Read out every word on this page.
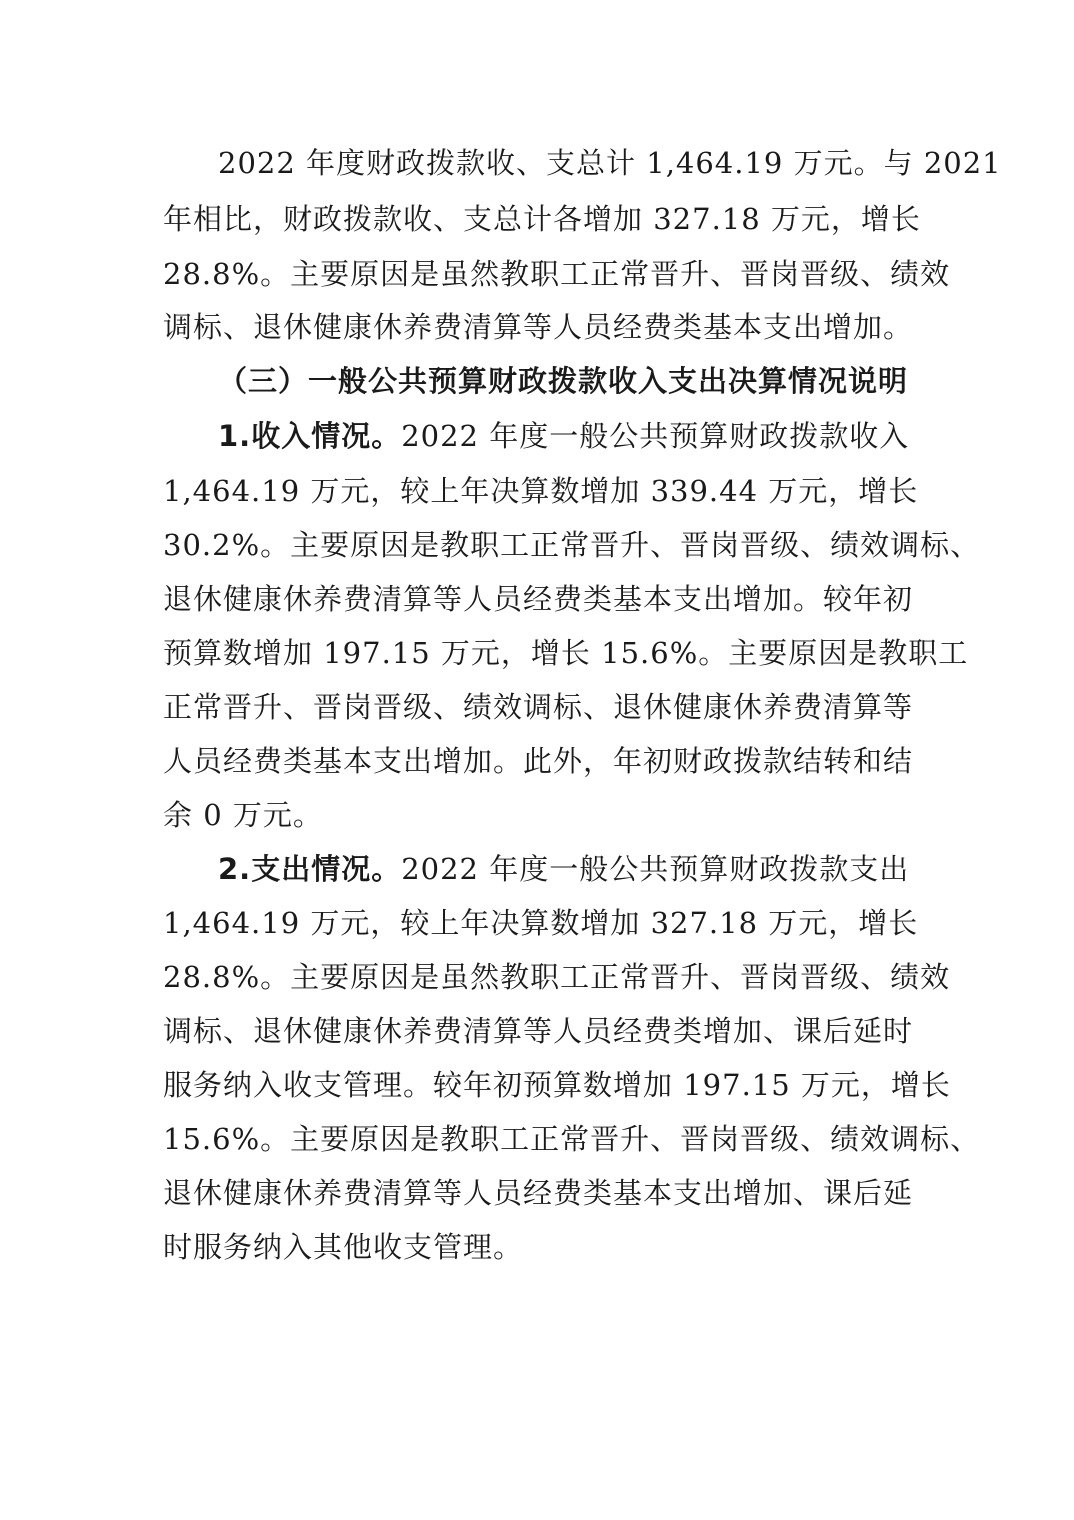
2022 年度财政拨款收、支总计 1,464.19 万元。与 2021
年相比，财政拨款收、支总计各增加 327.18 万元，增长
28.8%。主要原因是虽然教职工正常晋升、晋岗晋级、绩效
调标、退休健康休养费清算等人员经费类基本支出增加。
（三）一般公共预算财政拨款收入支出决算情况说明
1.收入情况。2022 年度一般公共预算财政拨款收入
1,464.19 万元，较上年决算数增加 339.44 万元，增长
30.2%。主要原因是教职工正常晋升、晋岗晋级、绩效调标、
退休健康休养费清算等人员经费类基本支出增加。较年初
预算数增加 197.15 万元，增长 15.6%。主要原因是教职工
正常晋升、晋岗晋级、绩效调标、退休健康休养费清算等
人员经费类基本支出增加。此外，年初财政拨款结转和结
余 0 万元。
2.支出情况。2022 年度一般公共预算财政拨款支出
1,464.19 万元，较上年决算数增加 327.18 万元，增长
28.8%。主要原因是虽然教职工正常晋升、晋岗晋级、绩效
调标、退休健康休养费清算等人员经费类增加、课后延时
服务纳入收支管理。较年初预算数增加 197.15 万元，增长
15.6%。主要原因是教职工正常晋升、晋岗晋级、绩效调标、
退休健康休养费清算等人员经费类基本支出增加、课后延
时服务纳入其他收支管理。
